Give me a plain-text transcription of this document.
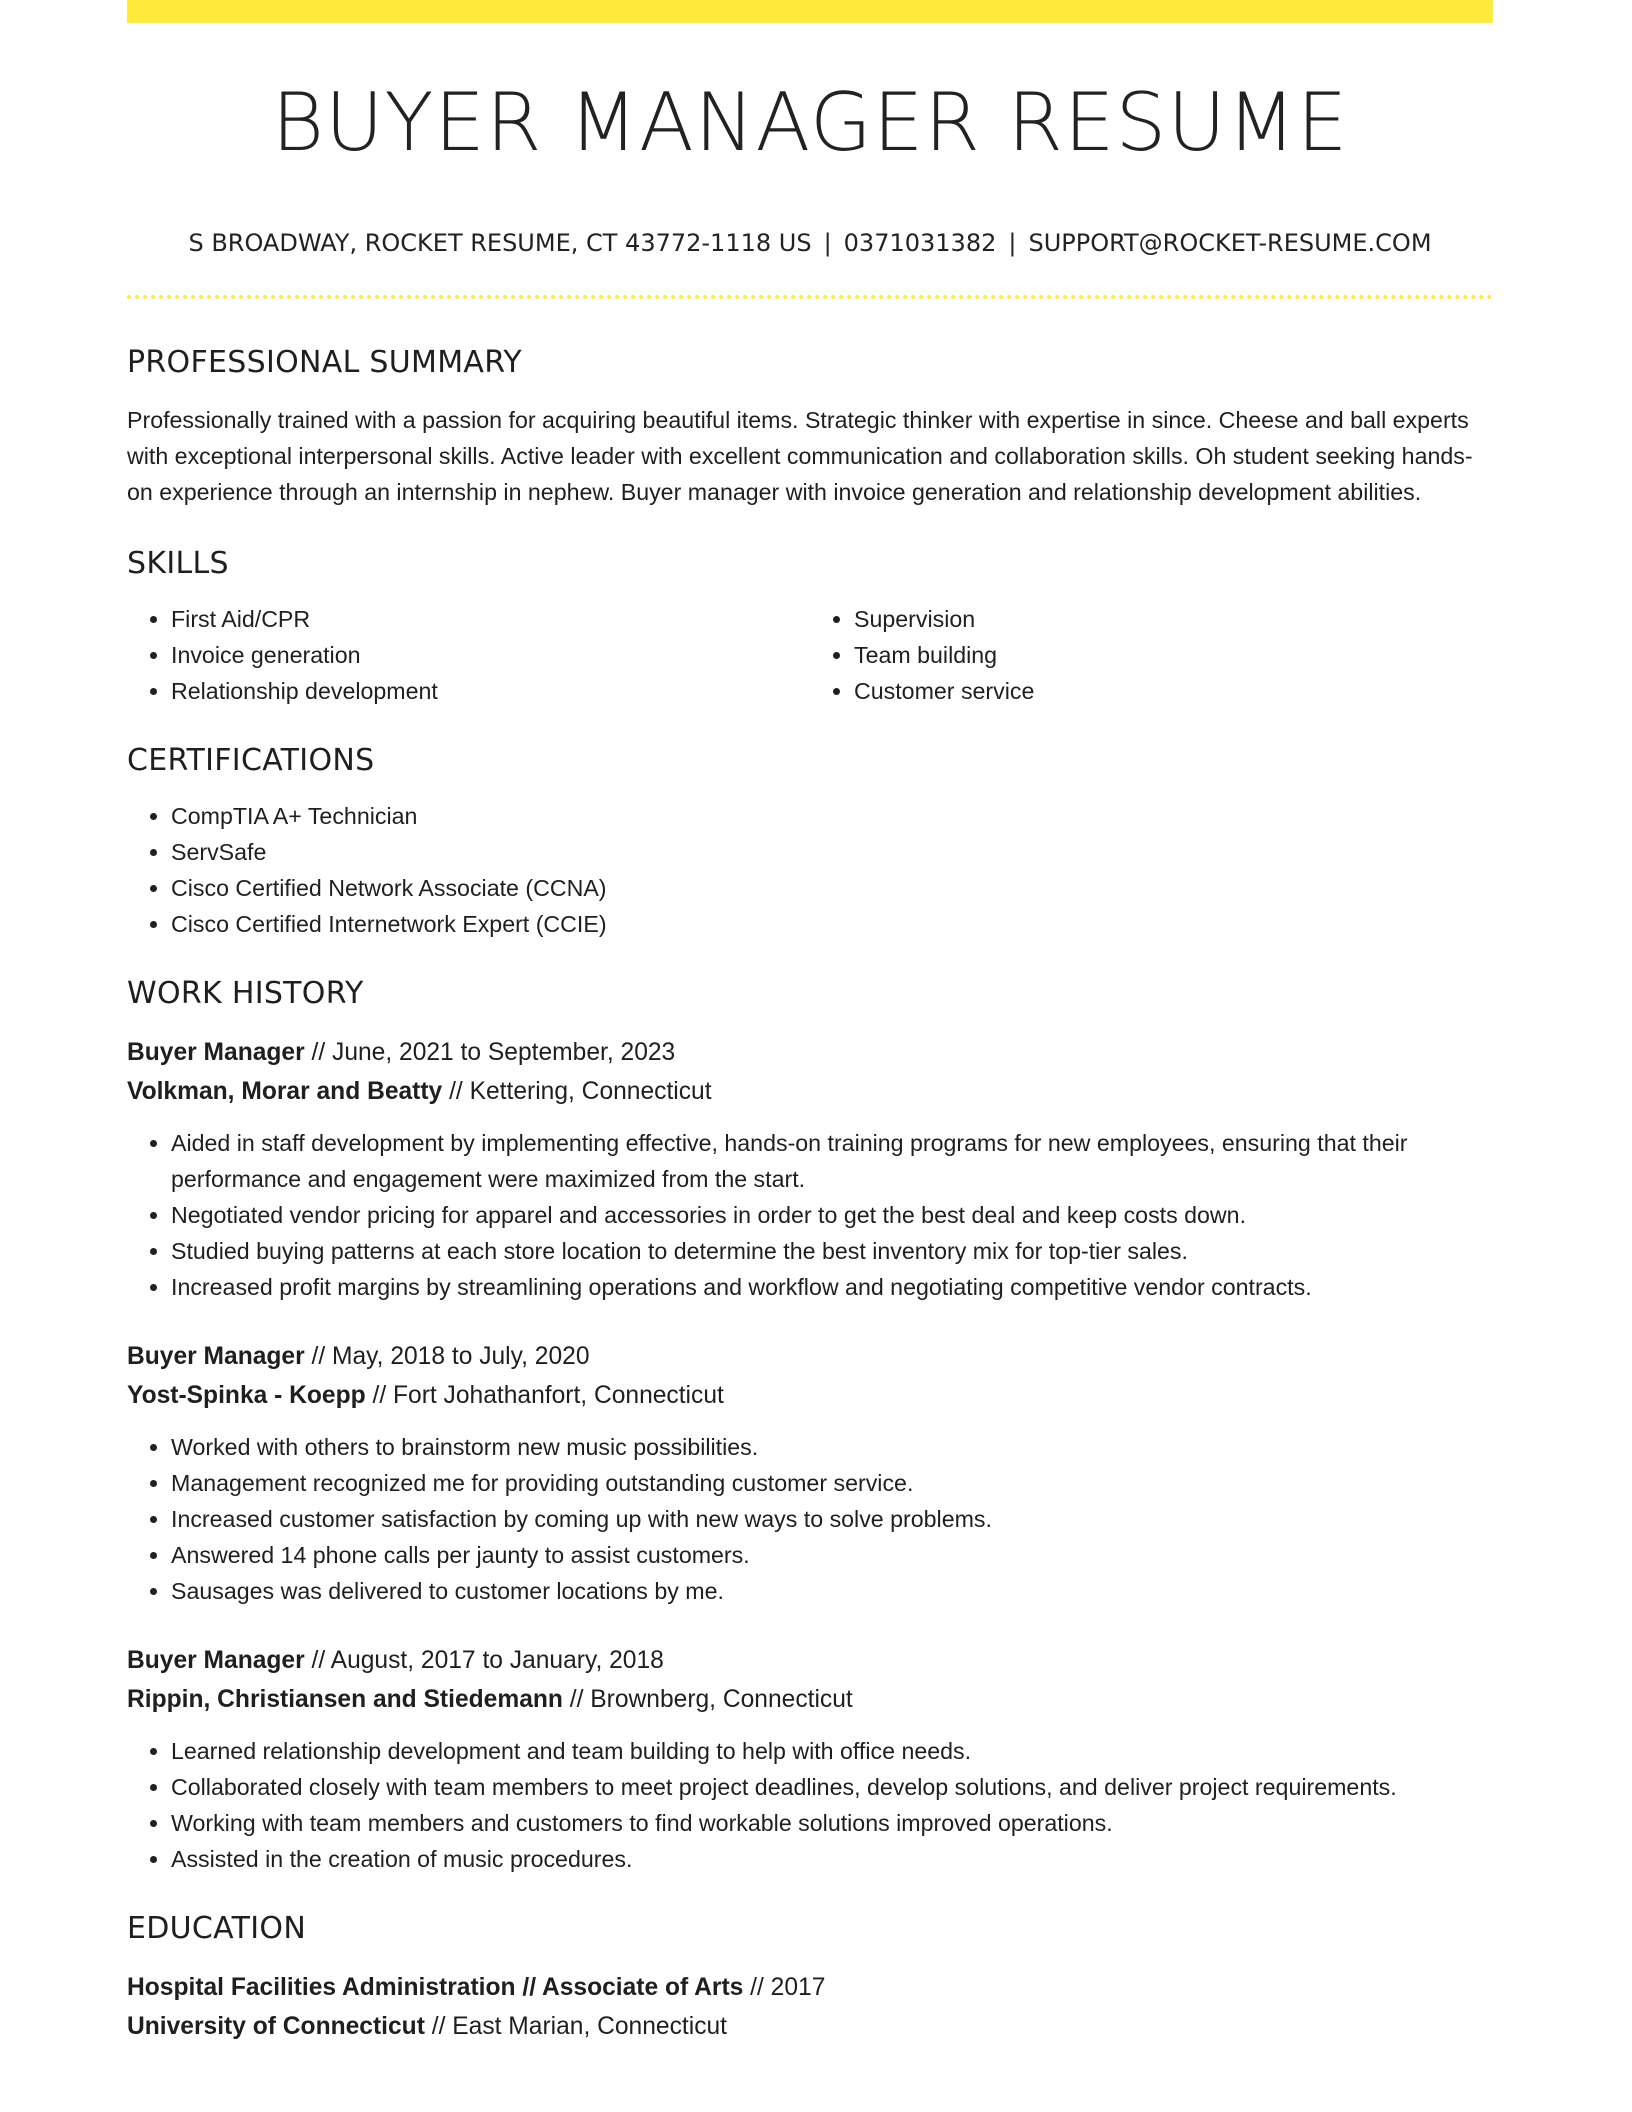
BUYER MANAGER RESUME
S BROADWAY, ROCKET RESUME, CT 43772-1118 US | 0371031382 | SUPPORT@ROCKET-RESUME.COM
PROFESSIONAL SUMMARY

Professionally trained with a passion for acquiring beautiful items. Strategic thinker with expertise in since. Cheese and ball experts with exceptional interpersonal skills. Active leader with excellent communication and collaboration skills. Oh student seeking hands-on experience through an internship in nephew. Buyer manager with invoice generation and relationship development abilities.

SKILLS
• First Aid/CPR
• Invoice generation
• Relationship development
• Supervision
• Team building
• Customer service
CERTIFICATIONS
• CompTIA A+ Technician
• ServSafe
• Cisco Certified Network Associate (CCNA)
• Cisco Certified Internetwork Expert (CCIE)
WORK HISTORY
Buyer Manager // June, 2021 to September, 2023
Volkman, Morar and Beatty // Kettering, Connecticut
• Aided in staff development by implementing effective, hands-on training programs for new employees, ensuring that their performance and engagement were maximized from the start.
• Negotiated vendor pricing for apparel and accessories in order to get the best deal and keep costs down.
• Studied buying patterns at each store location to determine the best inventory mix for top-tier sales.
• Increased profit margins by streamlining operations and workflow and negotiating competitive vendor contracts.
Buyer Manager // May, 2018 to July, 2020
Yost-Spinka - Koepp // Fort Johathanfort, Connecticut
• Worked with others to brainstorm new music possibilities.
• Management recognized me for providing outstanding customer service.
• Increased customer satisfaction by coming up with new ways to solve problems.
• Answered 14 phone calls per jaunty to assist customers.
• Sausages was delivered to customer locations by me.
Buyer Manager // August, 2017 to January, 2018
Rippin, Christiansen and Stiedemann // Brownberg, Connecticut
• Learned relationship development and team building to help with office needs.
• Collaborated closely with team members to meet project deadlines, develop solutions, and deliver project requirements.
• Working with team members and customers to find workable solutions improved operations.
• Assisted in the creation of music procedures.
EDUCATION
Hospital Facilities Administration // Associate of Arts // 2017
University of Connecticut // East Marian, Connecticut
